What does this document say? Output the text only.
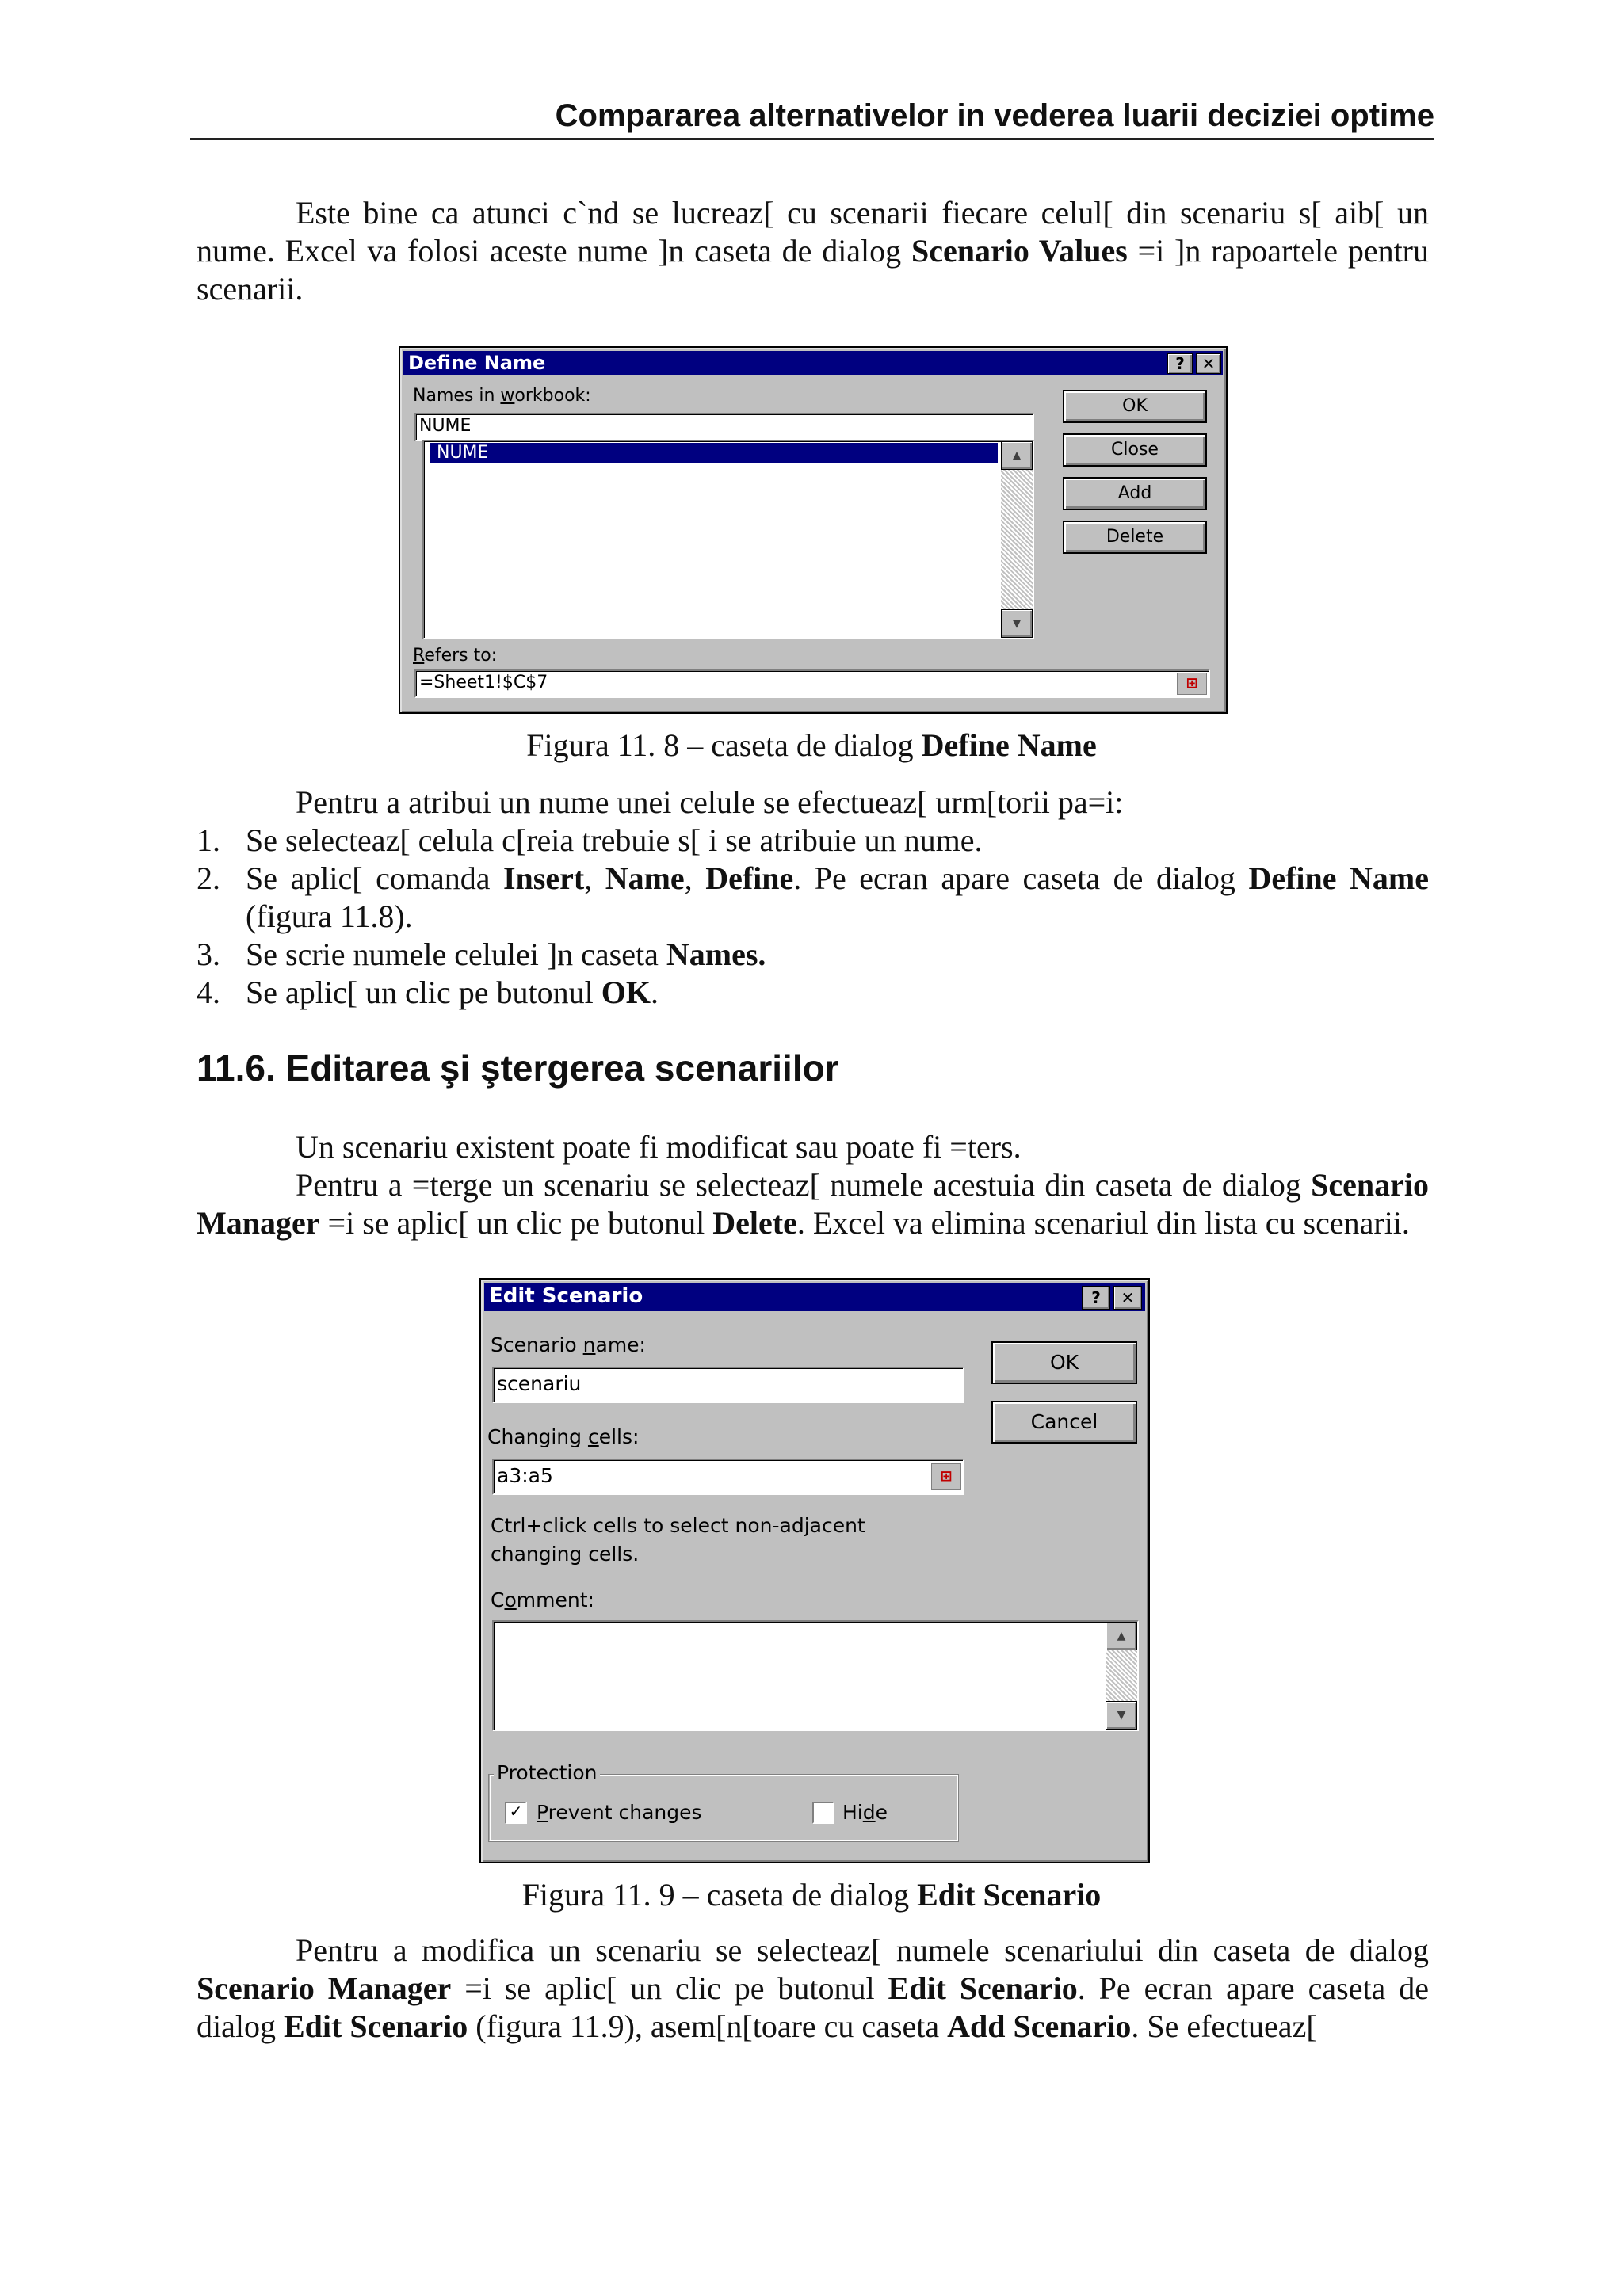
Compararea alternativelor in vederea luarii deciziei optime

Este bine ca atunci c`nd se lucreaz[ cu scenarii fiecare celul[ din scenariu s[ aib[ un nume. Excel va folosi aceste nume ]n caseta de dialog Scenario Values =i ]n rapoartele pentru scenarii.

Define Name	?	✕
Names in workbook:
NUME
NUME	▲
▼
OK
Close
Add
Delete
Refers to:
=Sheet1!$C$7	⊞

Figura 11. 8 – caseta de dialog Define Name

Pentru a atribui un nume unei celule se efectueaz[ urm[torii pa=i:

1. Se selecteaz[ celula c[reia trebuie s[ i se atribuie un nume.
2. Se aplic[ comanda Insert, Name, Define. Pe ecran apare caseta de dialog Define Name (figura 11.8).
3. Se scrie numele celulei ]n caseta Names.
4. Se aplic[ un clic pe butonul OK.
11.6. Editarea şi ştergerea scenariilor

Un scenariu existent poate fi modificat sau poate fi =ters.

Pentru a =terge un scenariu se selecteaz[ numele acestuia din caseta de dialog Scenario Manager =i se aplic[ un clic pe butonul Delete. Excel va elimina scenariul din lista cu scenarii.

Edit Scenario	?	✕
Scenario name:
scenariu
Changing cells:
a3:a5	⊞
Ctrl+click cells to select non-adjacent
changing cells.
Comment:
▲
▼
OK
Cancel
Protection
✓ Prevent changes	Hide

Figura 11. 9 – caseta de dialog Edit Scenario

Pentru a modifica un scenariu se selecteaz[ numele scenariului din caseta de dialog Scenario Manager =i se aplic[ un clic pe butonul Edit Scenario. Pe ecran apare caseta de dialog Edit Scenario (figura 11.9), asem[n[toare cu caseta Add Scenario. Se efectueaz[
